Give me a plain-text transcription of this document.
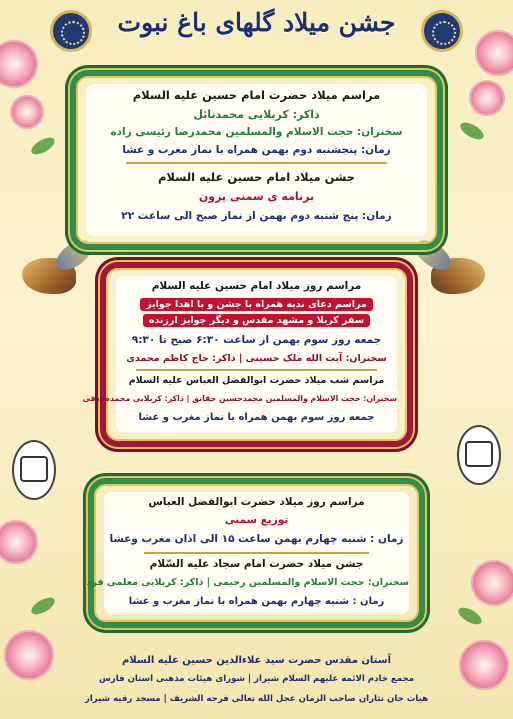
جشن میلاد گلهای باغ نبوت
مراسم میلاد حضرت امام حسین علیه السلام
ذاکر: کربلایی محمدنائل
سخنران: حجت الاسلام والمسلمین محمدرضا رئیسی زاده
زمان: پنجشنبه دوم بهمن همراه با نماز مغرب و عشا
جشن میلاد امام حسین علیه السلام
برنامه ی سمنی پزون
زمان: پنج شنبه دوم بهمن از نماز صبح الی ساعت ۲۲
مراسم روز میلاد امام حسین علیه السلام
مراسم دعای ندبه همراه با جشن و با اهدا جوایز
سفر کربلا و مشهد مقدس و دیگر جوایز ارزنده
جمعه روز سوم بهمن از ساعت ۶:۳۰ صبح تا ۹:۳۰
سخنران: آیت الله ملک حسینی | ذاکر: حاج کاظم محمدی
مراسم شب میلاد حضرت ابوالفضل العباس علیه السلام
سخنران: حجت الاسلام والمسلمین محمدحسین حقانق | ذاکر: کربلایی محمدصادقی
جمعه روز سوم بهمن همراه با نماز مغرب و عشا
مراسم روز میلاد حضرت ابوالفضل العباس
توزیع سمنی
زمان : شنبه چهارم بهمن ساعت ۱۵ الی اذان مغرب وعشا
جشن میلاد حضرت امام سجاد علیه السّلام
سخنران: حجت الاسلام والمسلمین رحیمی | ذاکر: کربلایی معلمی فرد
زمان : شنبه چهارم بهمن همراه با نماز مغرب و عشا
آستان مقدس حضرت سید علاءالدین حسین علیه السلام
مجمع خادم الائمه علیهم السلام شیراز | شورای هیئات مذهبی استان فارس
هیات جان نثاران صاحب الزمان عجل الله تعالی فرجه الشریف | مسجد رقیه شیراز
